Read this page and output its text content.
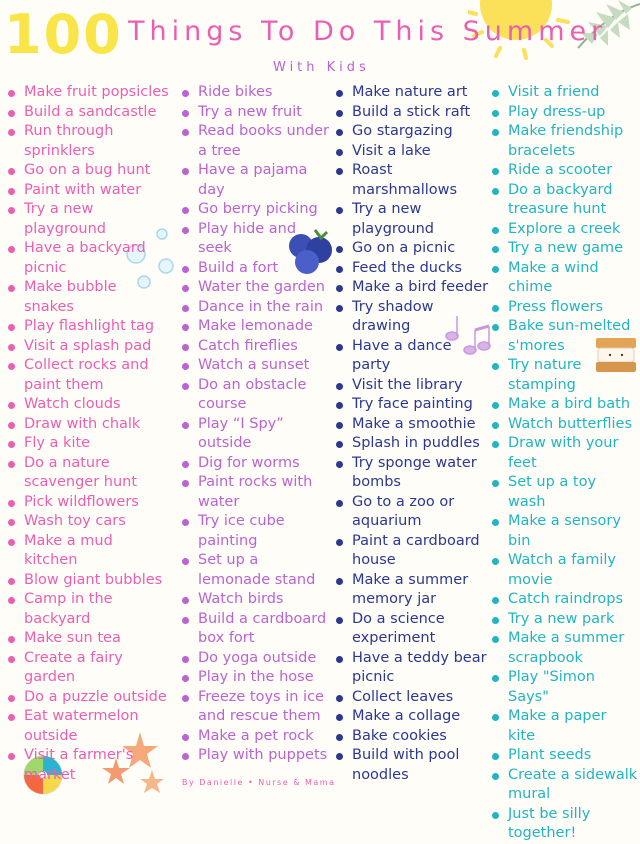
100 Things To Do This Summer
With Kids
Make fruit popsicles
Build a sandcastle
Run through sprinklers
Go on a bug hunt
Paint with water
Try a new playground
Have a backyard picnic
Make bubble snakes
Play flashlight tag
Visit a splash pad
Collect rocks and paint them
Watch clouds
Draw with chalk
Fly a kite
Do a nature scavenger hunt
Pick wildflowers
Wash toy cars
Make a mud kitchen
Blow giant bubbles
Camp in the backyard
Make sun tea
Create a fairy garden
Do a puzzle outside
Eat watermelon outside
Visit a farmer's market
Ride bikes
Try a new fruit
Read books under a tree
Have a pajama day
Go berry picking
Play hide and seek
Build a fort
Water the garden
Dance in the rain
Make lemonade
Catch fireflies
Watch a sunset
Do an obstacle course
Play “I Spy” outside
Dig for worms
Paint rocks with water
Try ice cube painting
Set up a lemonade stand
Watch birds
Build a cardboard box fort
Do yoga outside
Play in the hose
Freeze toys in ice and rescue them
Make a pet rock
Play with puppets
Make nature art
Build a stick raft
Go stargazing
Visit a lake
Roast marshmallows
Try a new playground
Go on a picnic
Feed the ducks
Make a bird feeder
Try shadow drawing
Have a dance party
Visit the library
Try face painting
Make a smoothie
Splash in puddles
Try sponge water bombs
Go to a zoo or aquarium
Paint a cardboard house
Make a summer memory jar
Do a science experiment
Have a teddy bear picnic
Collect leaves
Make a collage
Bake cookies
Build with pool noodles
Visit a friend
Play dress-up
Make friendship bracelets
Ride a scooter
Do a backyard treasure hunt
Explore a creek
Try a new game
Make a wind chime
Press flowers
Bake sun-melted s'mores
Try nature stamping
Make a bird bath
Watch butterflies
Draw with your feet
Set up a toy wash
Make a sensory bin
Watch a family movie
Catch raindrops
Try a new park
Make a summer scrapbook
Play "Simon Says"
Make a paper kite
Plant seeds
Create a sidewalk mural
Just be silly together!
By Danielle • Nurse & Mama
